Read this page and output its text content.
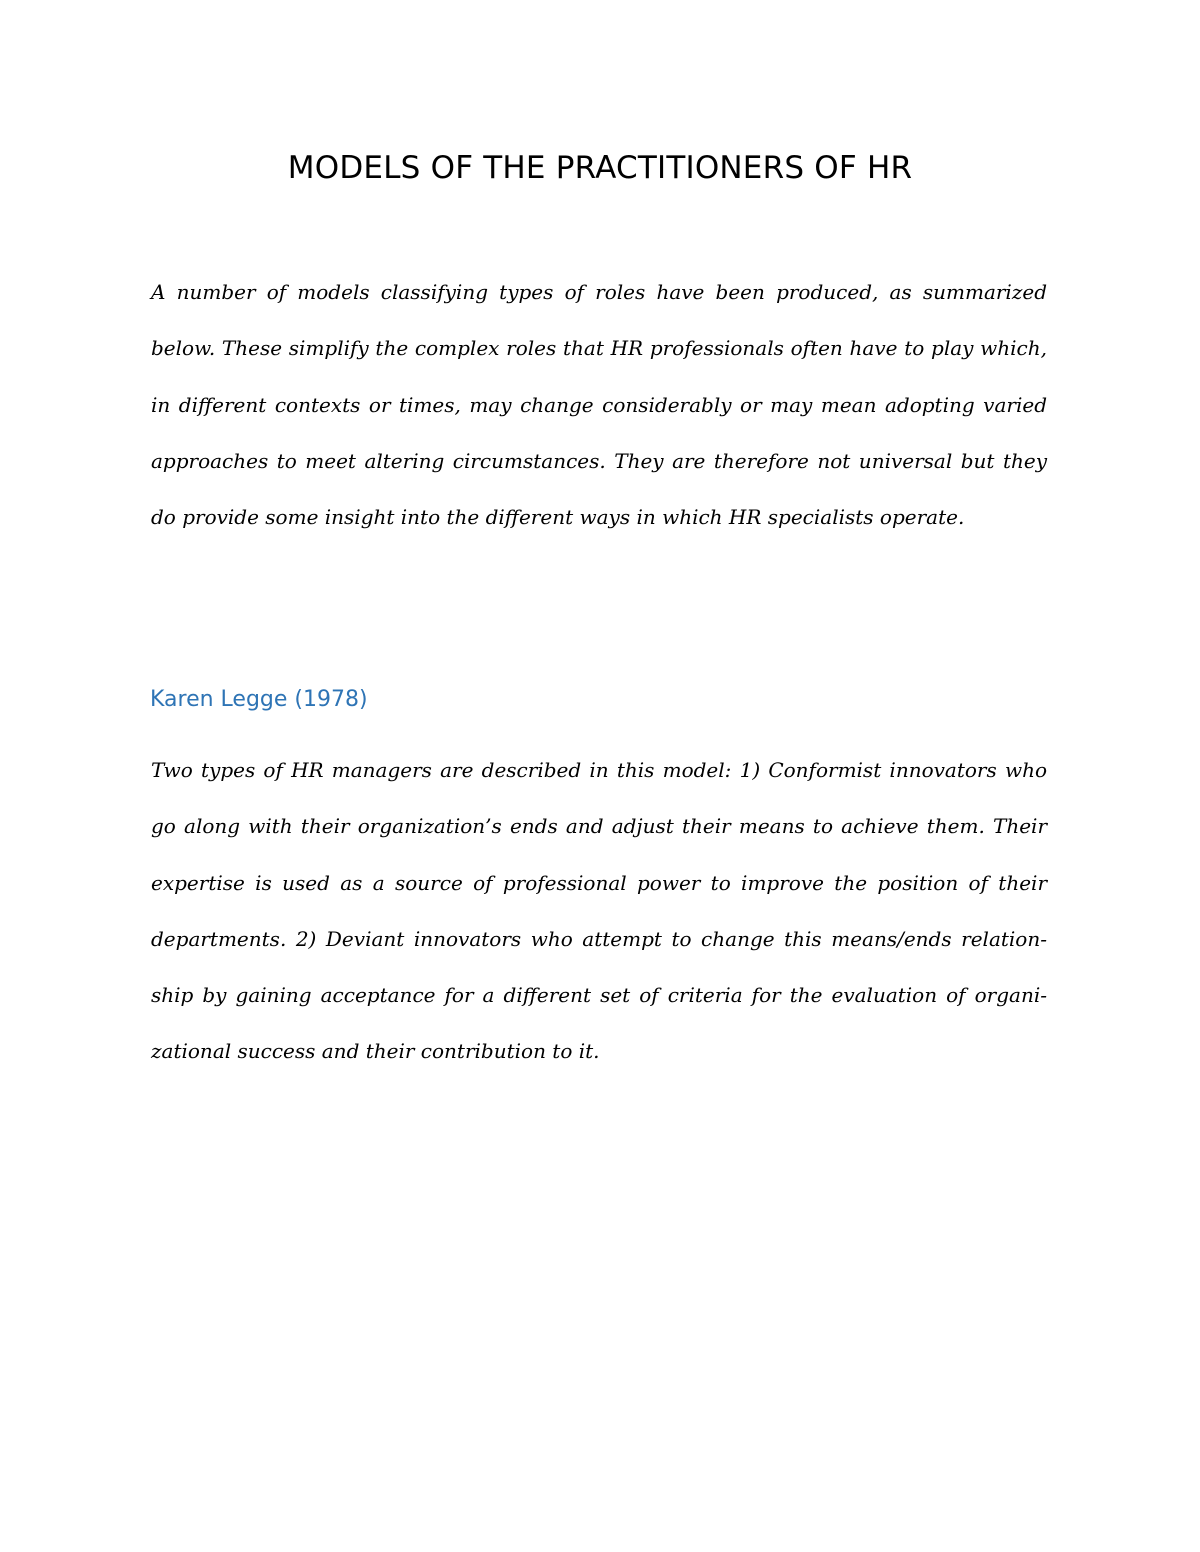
MODELS OF THE PRACTITIONERS OF HR

A number of models classifying types of roles have been produced, as summarized below. These simplify the complex roles that HR professionals often have to play which, in different contexts or times, may change considerably or may mean adopting varied approaches to meet altering circumstances. They are therefore not universal but they do provide some insight into the different ways in which HR specialists operate.

Karen Legge (1978)

Two types of HR managers are described in this model: 1) Conformist innovators who go along with their organization’s ends and adjust their means to achieve them. Their expertise is used as a source of professional power to improve the position of their departments. 2) Deviant innovators who attempt to change this means/ends relationship by gaining acceptance for a different set of criteria for the evaluation of organizational success and their contribution to it.
